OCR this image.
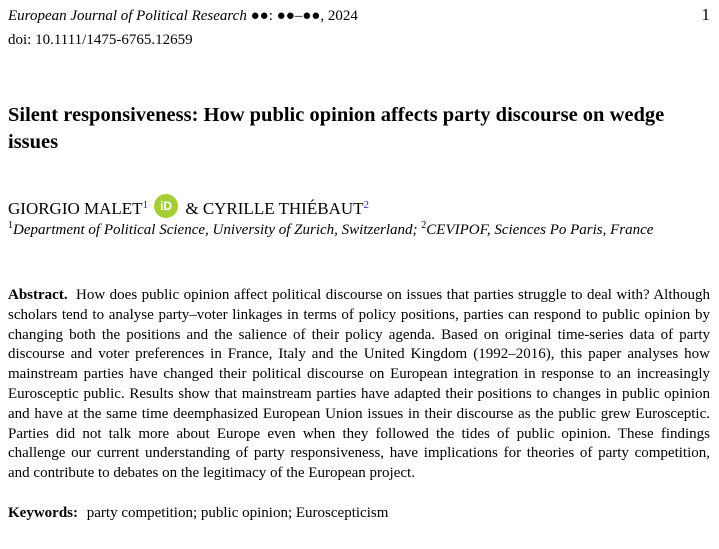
European Journal of Political Research ●●: ●●–●●, 2024	1
doi: 10.1111/1475-6765.12659
Silent responsiveness: How public opinion affects party discourse on wedge issues
GIORGIO MALET$^1$ iD & CYRILLE THIÉBAUT$^2$
$^1$Department of Political Science, University of Zurich, Switzerland; $^2$CEVIPOF, Sciences Po Paris, France

Abstract. How does public opinion affect political discourse on issues that parties struggle to deal with? Although scholars tend to analyse party–voter linkages in terms of policy positions, parties can respond to public opinion by changing both the positions and the salience of their policy agenda. Based on original time-series data of party discourse and voter preferences in France, Italy and the United Kingdom (1992–2016), this paper analyses how mainstream parties have changed their political discourse on European integration in response to an increasingly Eurosceptic public. Results show that mainstream parties have adapted their positions to changes in public opinion and have at the same time deemphasized European Union issues in their discourse as the public grew Eurosceptic. Parties did not talk more about Europe even when they followed the tides of public opinion. These findings challenge our current understanding of party responsiveness, have implications for theories of party competition, and contribute to debates on the legitimacy of the European project.

Keywords: party competition; public opinion; Euroscepticism
